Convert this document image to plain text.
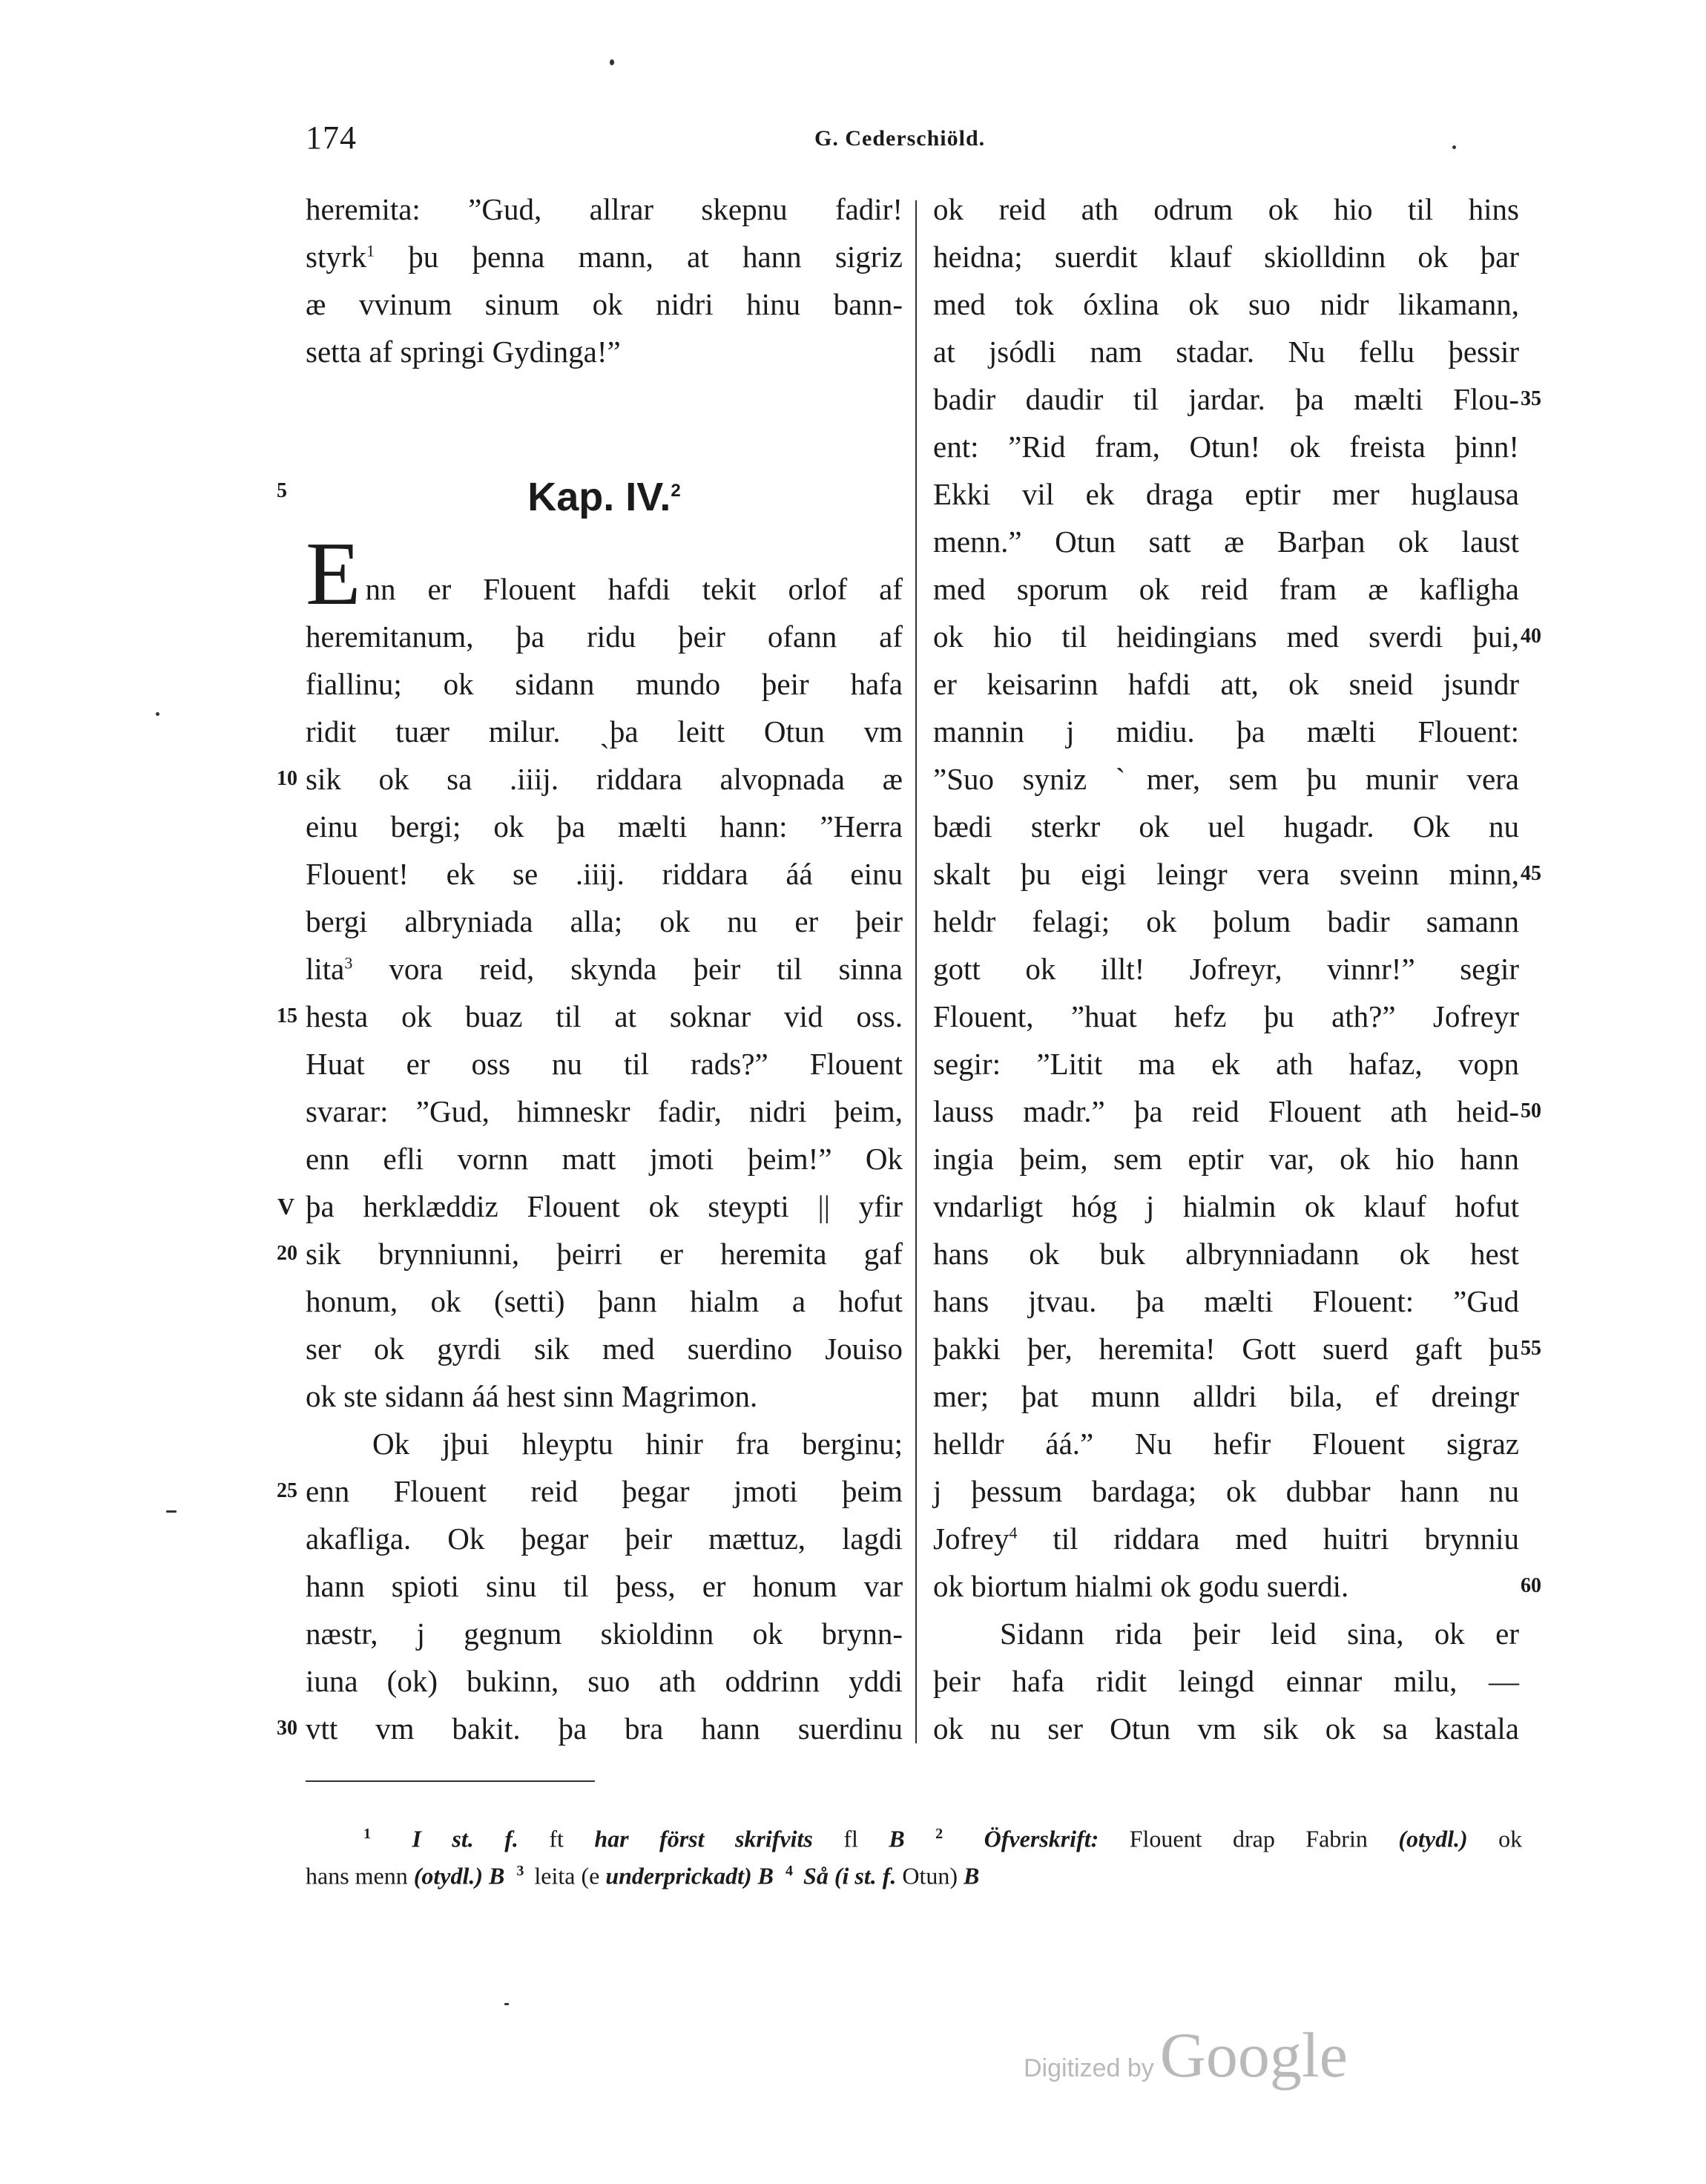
174	G. Cederschiöld.
heremita: ”Gud, allrar skepnu fadir!
styrk$^1$ þu þenna mann, at hann sigriz
æ vvinum sinum ok nidri hinu bann-
setta af springi Gydinga!”
Kap. IV.$^2$
Enn er Flouent hafdi tekit orlof af
heremitanum, þa ridu þeir ofann af
fiallinu; ok sidann mundo þeir hafa
ridit tuær milur. ˎþa leitt Otun vm
sik ok sa .iiij. riddara alvopnada æ
einu bergi; ok þa mælti hann: ”Herra
Flouent! ek se .iiij. riddara áá einu
bergi albryniada alla; ok nu er þeir
lita$^3$ vora reid, skynda þeir til sinna
hesta ok buaz til at soknar vid oss.
Huat er oss nu til rads?” Flouent
svarar: ”Gud, himneskr fadir, nidri þeim,
enn efli vornn matt jmoti þeim!” Ok
þa herklæddiz Flouent ok steypti || yfir
sik brynniunni, þeirri er heremita gaf
honum, ok (setti) þann hialm a hofut
ser ok gyrdi sik med suerdino Jouiso
ok ste sidann áá hest sinn Magrimon.
Ok jþui hleyptu hinir fra berginu;
enn Flouent reid þegar jmoti þeim
akafliga. Ok þegar þeir mættuz, lagdi
hann spioti sinu til þess, er honum var
næstr, j gegnum skioldinn ok brynn-
iuna (ok) bukinn, suo ath oddrinn yddi
vtt vm bakit. þa bra hann suerdinu
5
10
15
V
20
25
30
ok reid ath odrum ok hio til hins
heidna; suerdit klauf skiolldinn ok þar
med tok óxlina ok suo nidr likamann,
at jsódli nam stadar. Nu fellu þessir
badir daudir til jardar. þa mælti Flou-
ent: ”Rid fram, Otun! ok freista þinn!
Ekki vil ek draga eptir mer huglausa
menn.” Otun satt æ Barþan ok laust
med sporum ok reid fram æ kafligha
ok hio til heidingians med sverdi þui,
er keisarinn hafdi att, ok sneid jsundr
mannin j midiu. þa mælti Flouent:
”Suo syniz ˋmer, sem þu munir vera
bædi sterkr ok uel hugadr. Ok nu
skalt þu eigi leingr vera sveinn minn,
heldr felagi; ok þolum badir samann
gott ok illt! Jofreyr, vinnr!” segir
Flouent, ”huat hefz þu ath?” Jofreyr
segir: ”Litit ma ek ath hafaz, vopn
lauss madr.” þa reid Flouent ath heid-
ingia þeim, sem eptir var, ok hio hann
vndarligt hóg j hialmin ok klauf hofut
hans ok buk albrynniadann ok hest
hans jtvau. þa mælti Flouent: ”Gud
þakki þer, heremita! Gott suerd gaft þu
mer; þat munn alldri bila, ef dreingr
helldr áá.” Nu hefir Flouent sigraz
j þessum bardaga; ok dubbar hann nu
Jofrey$^4$ til riddara med huitri brynniu
ok biortum hialmi ok godu suerdi.
Sidann rida þeir leid sina, ok er
þeir hafa ridit leingd einnar milu, —
ok nu ser Otun vm sik ok sa kastala
35
40
45
50
55
60
$^1$ I st. f. ft har först skrifvits fl B $^2$ Öfverskrift: Flouent drap Fabrin (otydl.) ok
hans menn (otydl.) B $^3$ leita (e underprickadt) B $^4$ Så (i st. f. Otun) B
Digitized byGoogle
